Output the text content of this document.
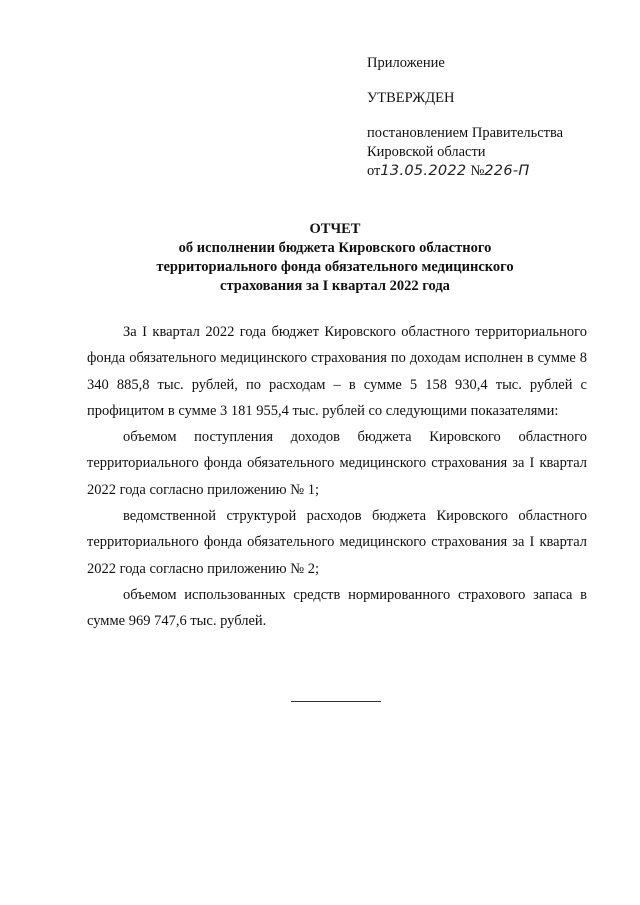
Приложение

УТВЕРЖДЕН

постановлением Правительства
Кировской области
от13.05.2022 №226-П

ОТЧЕТ
об исполнении бюджета Кировского областного
территориального фонда обязательного медицинского
страхования за I квартал 2022 года

За I квартал 2022 года бюджет Кировского областного территориального фонда обязательного медицинского страхования по доходам исполнен в сумме 8 340 885,8 тыс. рублей, по расходам – в сумме 5 158 930,4 тыс. рублей с профицитом в сумме 3 181 955,4 тыс. рублей со следующими показателями:

объемом поступления доходов бюджета Кировского областного территориального фонда обязательного медицинского страхования за I квартал 2022 года согласно приложению № 1;

ведомственной структурой расходов бюджета Кировского областного территориального фонда обязательного медицинского страхования за I квартал 2022 года согласно приложению № 2;

объемом использованных средств нормированного страхового запаса в сумме 969 747,6 тыс. рублей.
